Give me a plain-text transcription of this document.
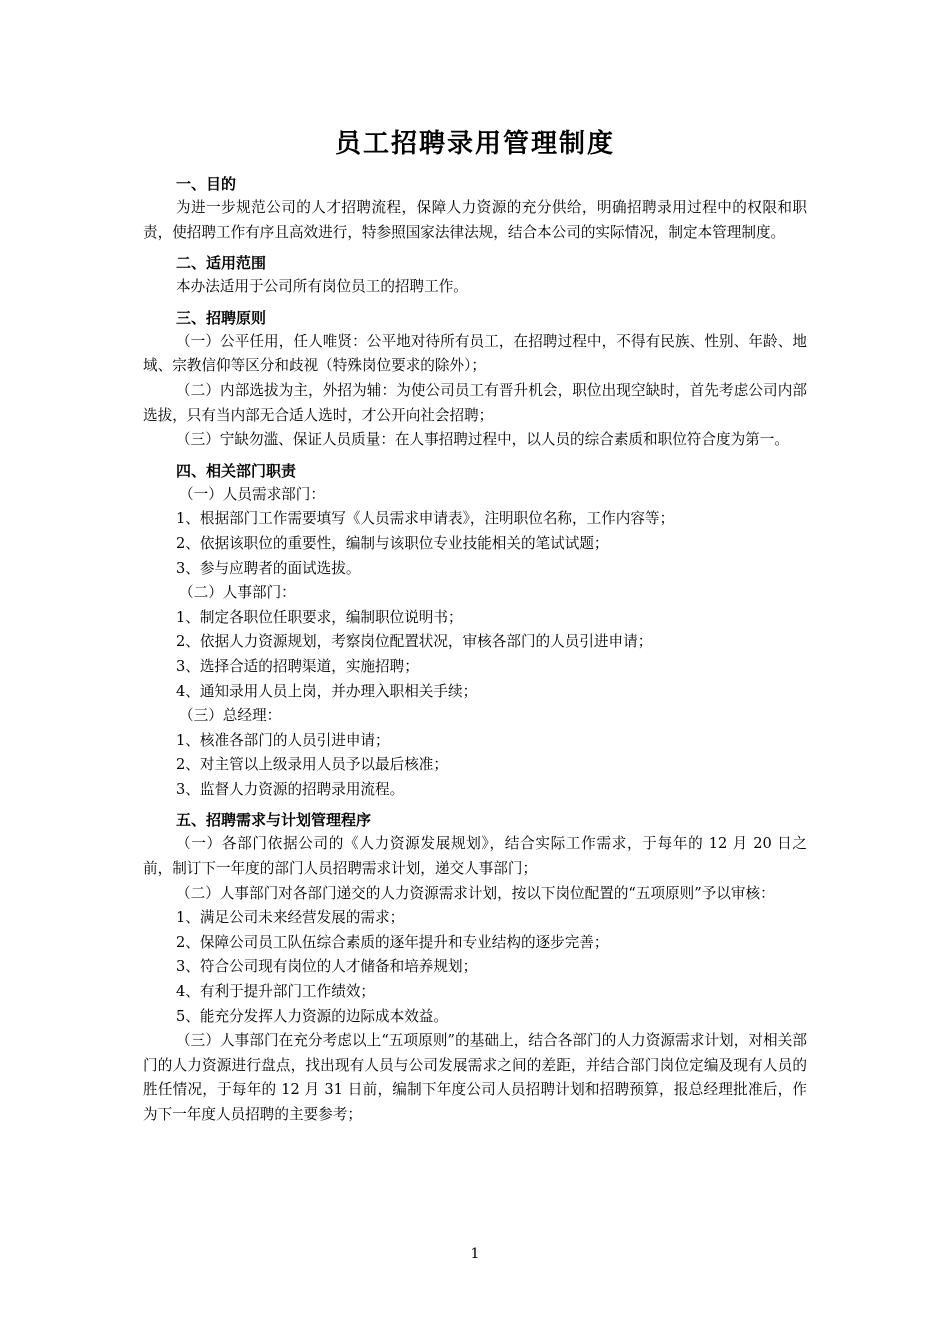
员工招聘录用管理制度

一、目的

为进一步规范公司的人才招聘流程，保障人力资源的充分供给，明确招聘录用过程中的权限和职责，使招聘工作有序且高效进行，特参照国家法律法规，结合本公司的实际情况，制定本管理制度。

二、适用范围

本办法适用于公司所有岗位员工的招聘工作。

三、招聘原则

（一）公平任用，任人唯贤：公平地对待所有员工，在招聘过程中，不得有民族、性别、年龄、地域、宗教信仰等区分和歧视（特殊岗位要求的除外）；

（二）内部选拔为主，外招为辅：为使公司员工有晋升机会，职位出现空缺时，首先考虑公司内部选拔，只有当内部无合适人选时，才公开向社会招聘；

（三）宁缺勿滥、保证人员质量：在人事招聘过程中，以人员的综合素质和职位符合度为第一。

四、相关部门职责

（一）人员需求部门：

1、根据部门工作需要填写《人员需求申请表》，注明职位名称，工作内容等；

2、依据该职位的重要性，编制与该职位专业技能相关的笔试试题；

3、参与应聘者的面试选拔。

（二）人事部门：

1、制定各职位任职要求，编制职位说明书；

2、依据人力资源规划，考察岗位配置状况，审核各部门的人员引进申请；

3、选择合适的招聘渠道，实施招聘；

4、通知录用人员上岗，并办理入职相关手续；

（三）总经理：

1、核准各部门的人员引进申请；

2、对主管以上级录用人员予以最后核准；

3、监督人力资源的招聘录用流程。

五、招聘需求与计划管理程序

（一）各部门依据公司的《人力资源发展规划》，结合实际工作需求，于每年的 12 月 20 日之前，制订下一年度的部门人员招聘需求计划，递交人事部门；

（二）人事部门对各部门递交的人力资源需求计划，按以下岗位配置的“五项原则”予以审核：

1、满足公司未来经营发展的需求；

2、保障公司员工队伍综合素质的逐年提升和专业结构的逐步完善；

3、符合公司现有岗位的人才储备和培养规划；

4、有利于提升部门工作绩效；

5、能充分发挥人力资源的边际成本效益。

（三）人事部门在充分考虑以上“五项原则”的基础上，结合各部门的人力资源需求计划，对相关部门的人力资源进行盘点，找出现有人员与公司发展需求之间的差距，并结合部门岗位定编及现有人员的胜任情况，于每年的 12 月 31 日前，编制下年度公司人员招聘计划和招聘预算，报总经理批准后，作为下一年度人员招聘的主要参考；

1
